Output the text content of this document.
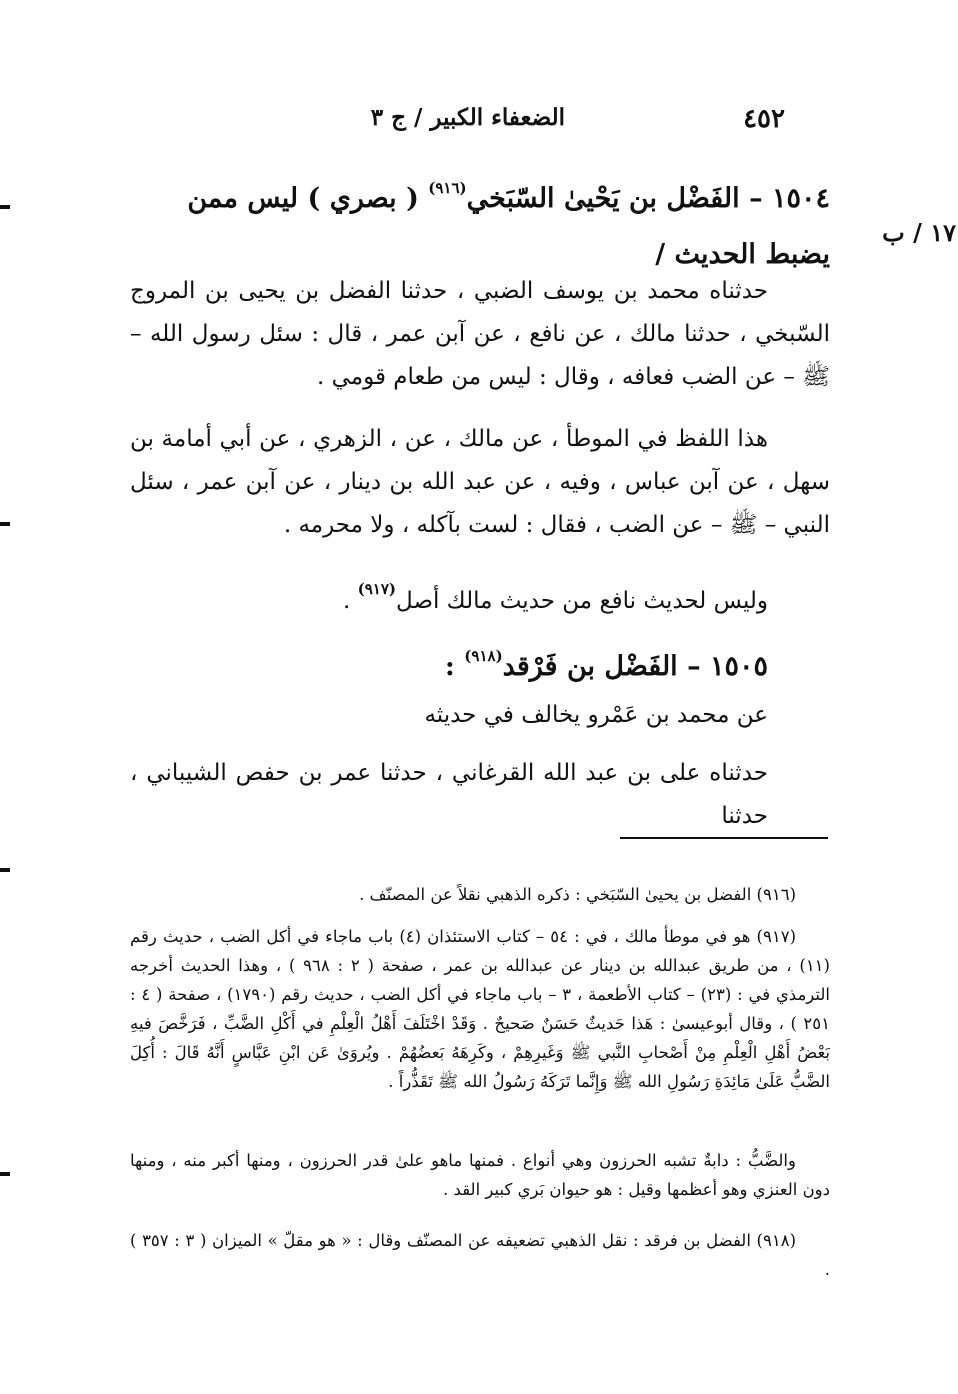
٤٥٢
الضعفاء الكبير / ج ٣
١٧ / ب
١٥٠٤ – الفَضْل بن يَحْيىٰ السّبَخي$^{(٩١٦)}$ ( بصري ) ليس ممن
يضبط الحديث /
حدثناه محمد بن يوسف الضبي ، حدثنا الفضل بن يحيى بن المروج السّبخي ، حدثنا مالك ، عن نافع ، عن آبن عمر ، قال : سئل رسول الله – ﷺ – عن الضب فعافه ، وقال : ليس من طعام قومي .
هذا اللفظ في الموطأ ، عن مالك ، عن ، الزهري ، عن أبي أمامة بن سهل ، عن آبن عباس ، وفيه ، عن عبد الله بن دينار ، عن آبن عمر ، سئل النبي – ﷺ – عن الضب ، فقال : لست بآكله ، ولا محرمه .
وليس لحديث نافع من حديث مالك أصل$^{(٩١٧)}$ .
١٥٠٥ – الفَضْل بن فَرْقد$^{(٩١٨)}$ :
عن محمد بن عَمْرو يخالف في حديثه
حدثناه على بن عبد الله القرغاني ، حدثنا عمر بن حفص الشيباني ، حدثنا
(٩١٦) الفضل بن يحيىٰ السّبَخي : ذكره الذهبي نقلاً عن المصنّف .
(٩١٧) هو في موطأ مالك ، في : ٥٤ – كتاب الاستئذان (٤) باب ماجاء في أكل الضب ، حديث رقم (١١) ، من طريق عبدالله بن دينار عن عبدالله بن عمر ، صفحة ( ٢ : ٩٦٨ ) ، وهذا الحديث أخرجه الترمذي في : (٢٣) – كتاب الأطعمة ، ٣ – باب ماجاء في أكل الضب ، حديث رقم (١٧٩٠) ، صفحة ( ٤ : ٢٥١ ) ، وقال أبوعيسىٰ : هَذا حَديثٌ حَسَنٌ صَحيحٌ . وَقَدْ اخْتَلَفَ أَهْلُ الْعِلْمِ في أَكْلِ الضَّبِّ ، فَرَخَّصَ فيهِ بَعْضُ أَهْلِ الْعِلْمِ مِنْ أَصْحابِ النَّبي ﷺ وَغَيرِهِمْ ، وكَرِهَهُ بَعضُهُمْ . ويُروَىٰ عَن ابْنِ عَبَّاسٍ أَنَّهُ قَالَ : أُكِلَ الضَّبُّ عَلَىٰ مَائِدَةِ رَسُولِ الله ﷺ وَإِنَّما تَرَكَهُ رَسُولُ الله ﷺ تَقَذُّراً .
والضَّبُّ : دابةٌ تشبه الحرزون وهي أنواع . فمنها ماهو علىٰ قدر الحرزون ، ومنها أكبر منه ، ومنها دون العنزي وهو أعظمها وقيل : هو حيوان بَري كبير القد .
(٩١٨) الفضل بن فرقد : نقل الذهبي تضعيفه عن المصنّف وقال : « هو مقلّ » الميزان ( ٣ : ٣٥٧ ) .
